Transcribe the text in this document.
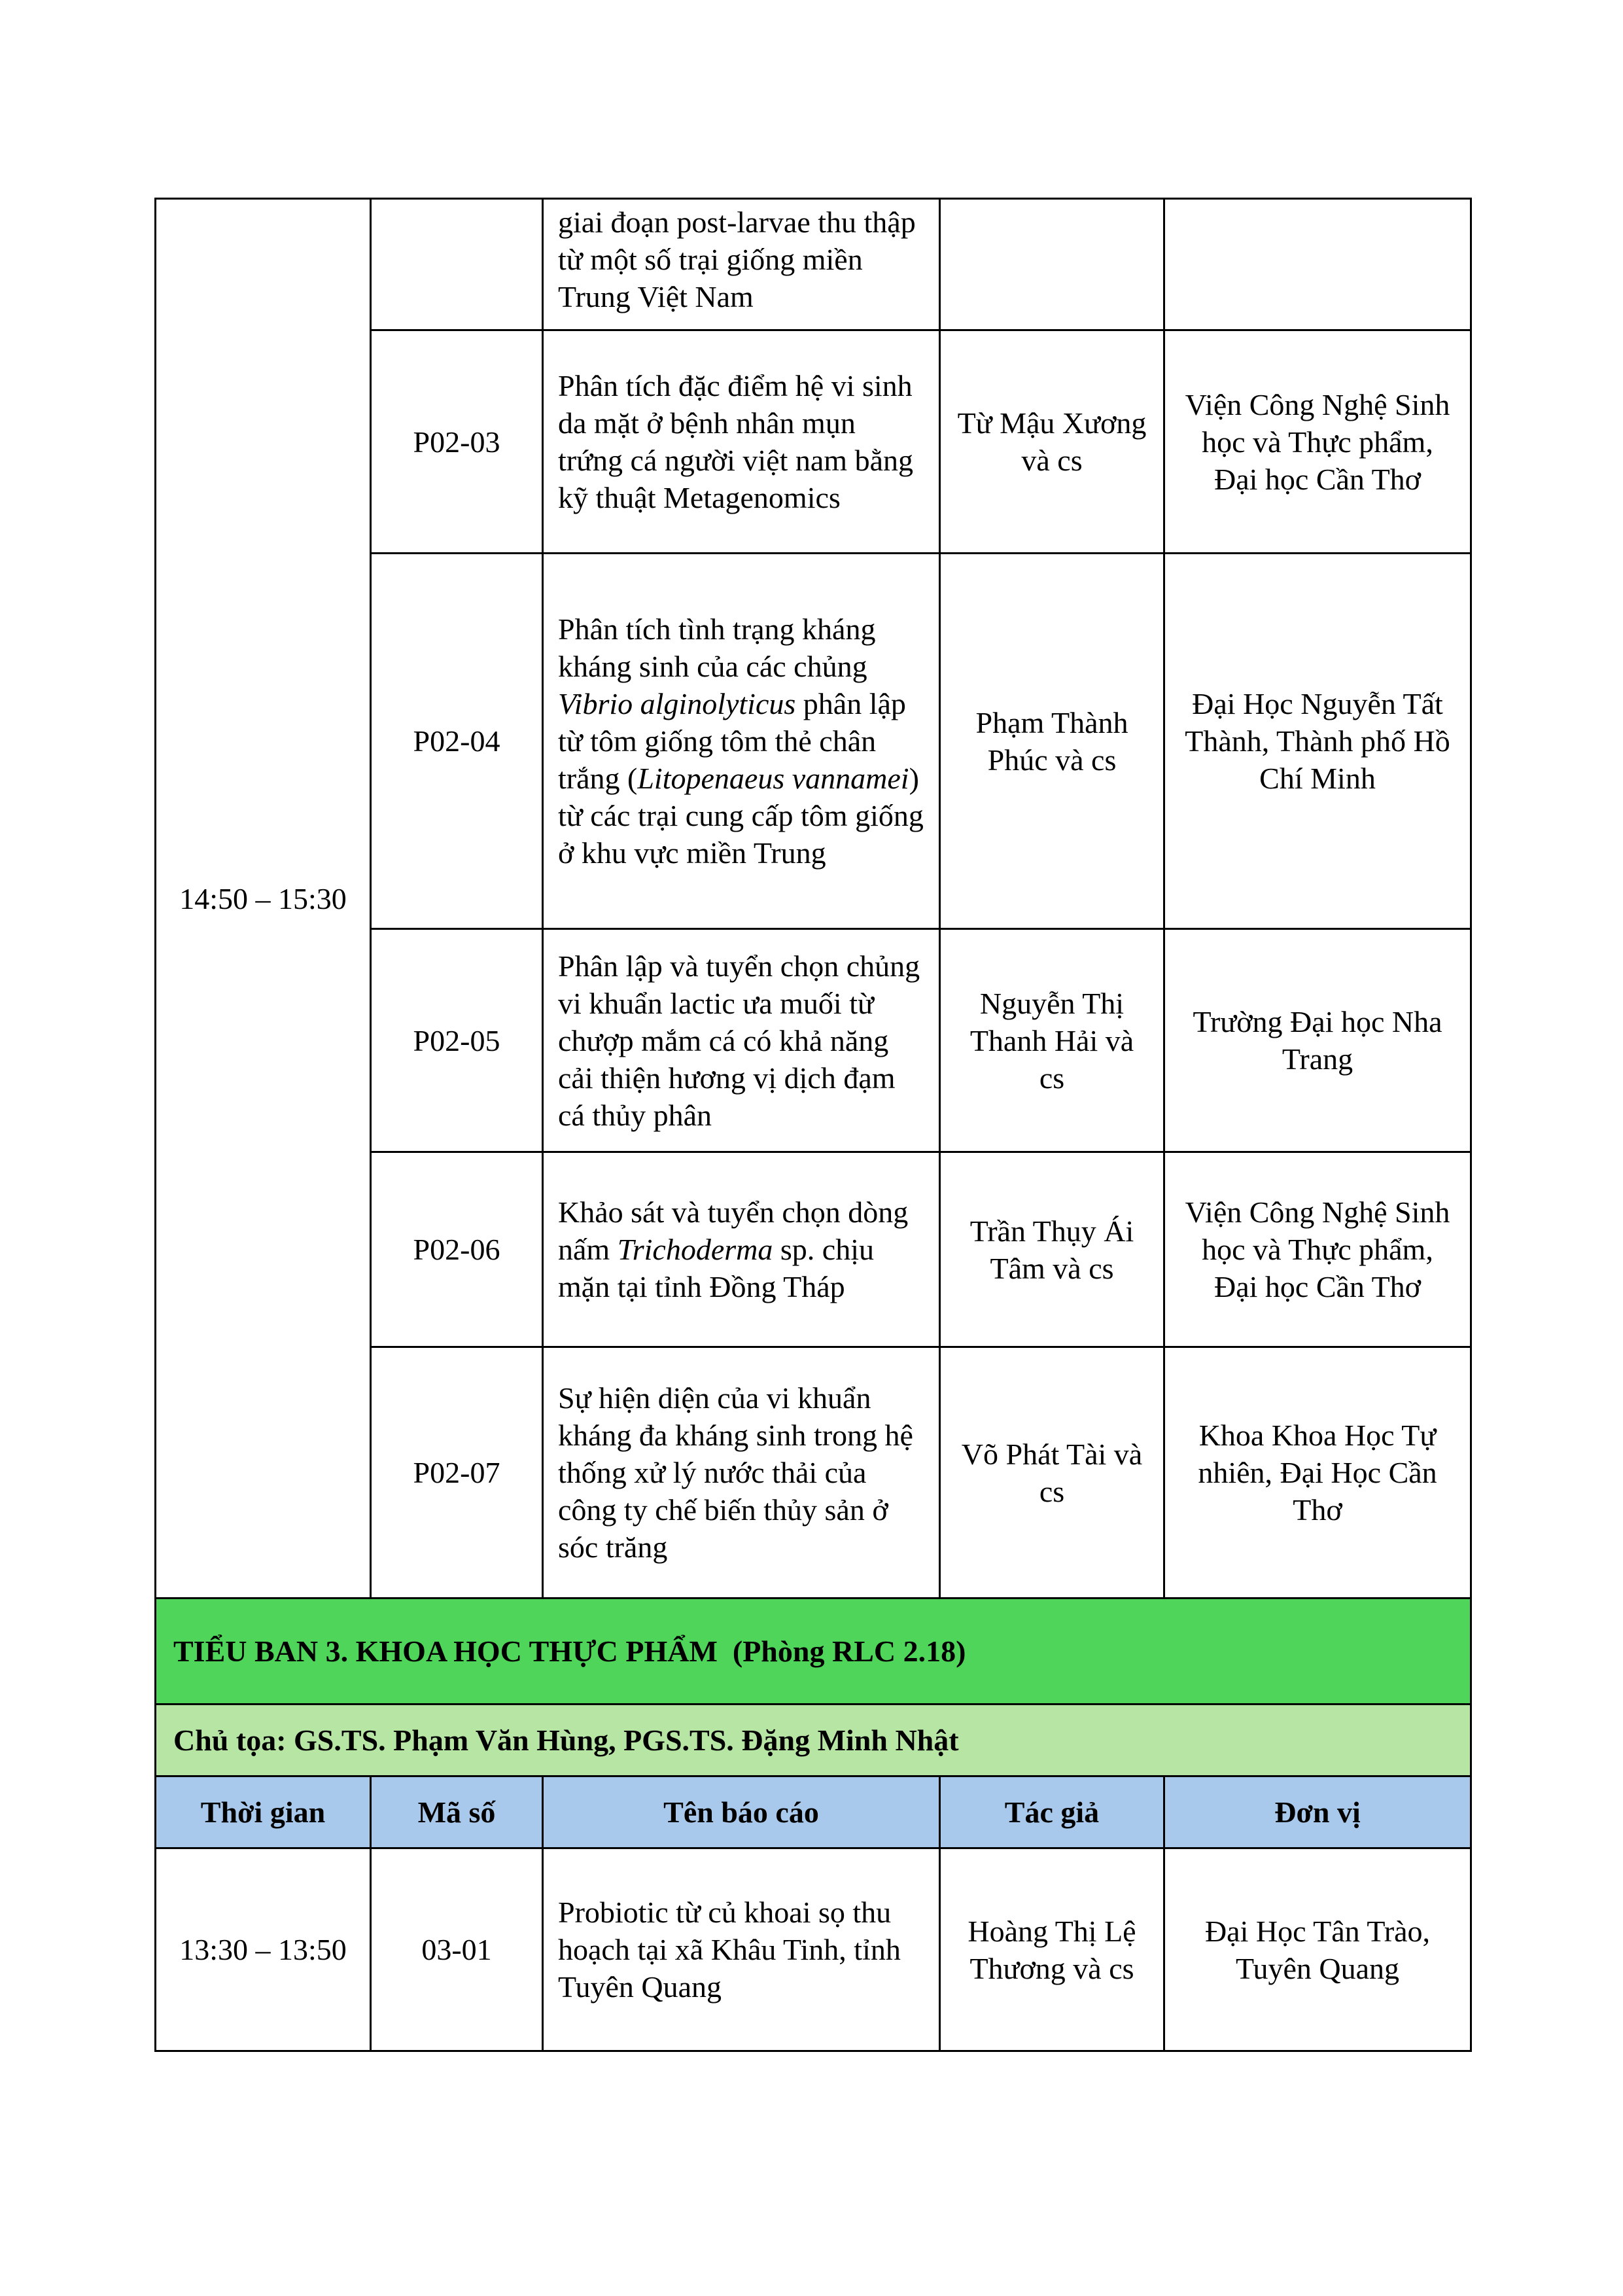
14:50 – 15:30		giai đoạn post-larvae thu thập từ một số trại giống miền Trung Việt Nam		
	P02-03	Phân tích đặc điểm hệ vi sinh da mặt ở bệnh nhân mụn trứng cá người việt nam bằng kỹ thuật Metagenomics	Từ Mậu Xương và cs	Viện Công Nghệ Sinh học và Thực phẩm, Đại học Cần Thơ
	P02-04	Phân tích tình trạng kháng kháng sinh của các chủng Vibrio alginolyticus phân lập từ tôm giống tôm thẻ chân trắng (Litopenaeus vannamei) từ các trại cung cấp tôm giống ở khu vực miền Trung	Phạm Thành Phúc và cs	Đại Học Nguyễn Tất Thành, Thành phố Hồ Chí Minh
	P02-05	Phân lập và tuyển chọn chủng vi khuẩn lactic ưa muối từ chượp mắm cá có khả năng cải thiện hương vị dịch đạm cá thủy phân	Nguyễn Thị Thanh Hải và cs	Trường Đại học Nha Trang
	P02-06	Khảo sát và tuyển chọn dòng nấm Trichoderma sp. chịu mặn tại tỉnh Đồng Tháp	Trần Thụy Ái Tâm và cs	Viện Công Nghệ Sinh học và Thực phẩm, Đại học Cần Thơ
	P02-07	Sự hiện diện của vi khuẩn kháng đa kháng sinh trong hệ thống xử lý nước thải của công ty chế biến thủy sản ở sóc trăng	Võ Phát Tài và cs	Khoa Khoa Học Tự nhiên, Đại Học Cần Thơ
TIỂU BAN 3. KHOA HỌC THỰC PHẨM  (Phòng RLC 2.18)				
Chủ tọa: GS.TS. Phạm Văn Hùng, PGS.TS. Đặng Minh Nhật				
Thời gian	Mã số	Tên báo cáo	Tác giả	Đơn vị
13:30 – 13:50	03-01	Probiotic từ củ khoai sọ thu hoạch tại xã Khâu Tinh, tỉnh Tuyên Quang	Hoàng Thị Lệ Thương và cs	Đại Học Tân Trào, Tuyên Quang
